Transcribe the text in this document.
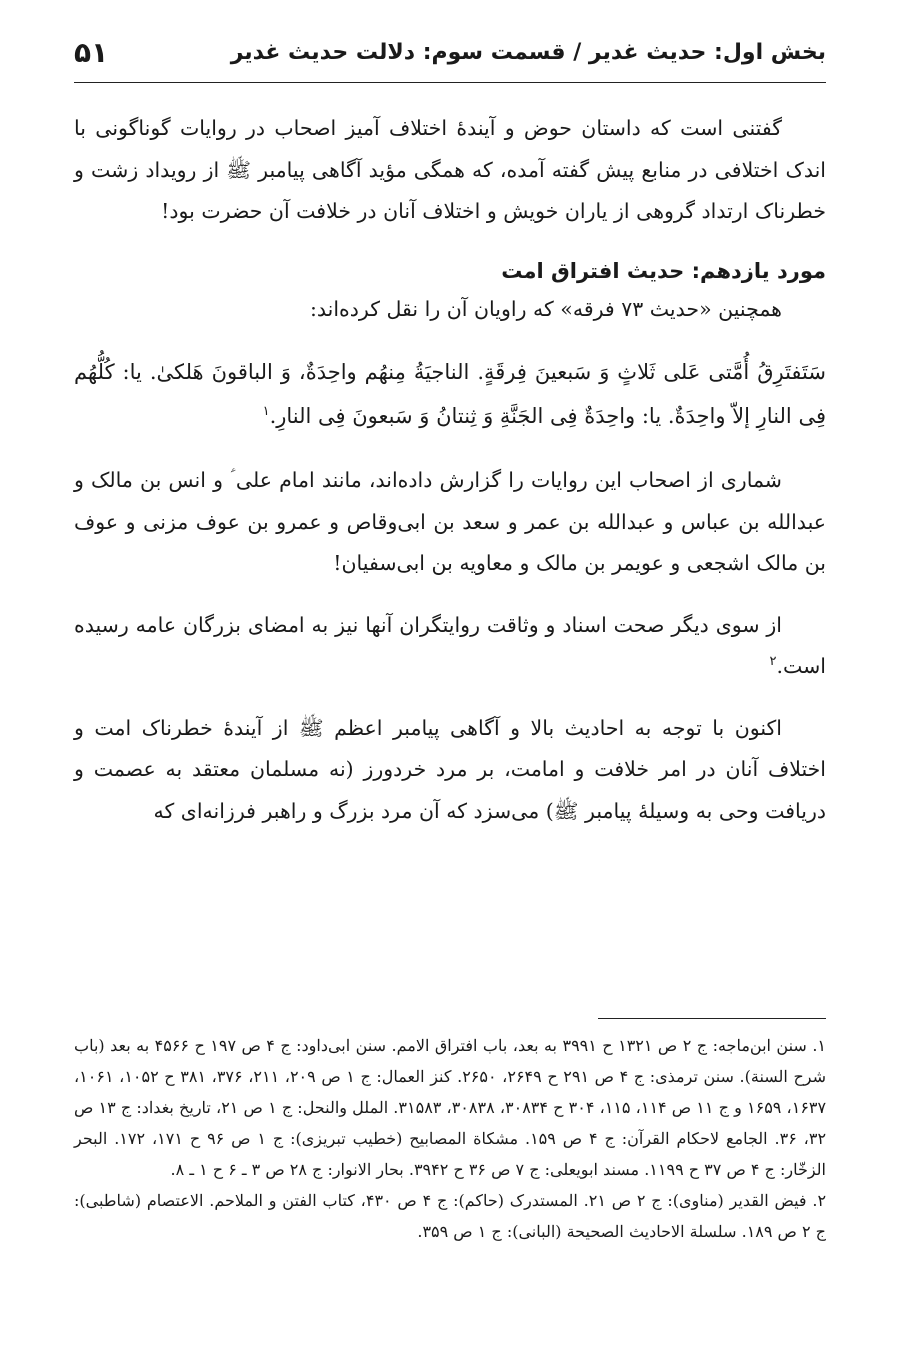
بخش اول: حدیث غدیر / قسمت سوم: دلالت حدیث غدیر
۵۱

گفتنی است که داستان حوض و آیندهٔ اختلاف آمیز اصحاب در روایات گوناگونی با اندک اختلافی در منابع پیش گفته آمده، که همگی مؤید آگاهی پیامبر ﷺ از رویداد زشت و خطرناک ارتداد گروهی از یاران خویش و اختلاف آنان در خلافت آن حضرت بود!

مورد یازدهم: حدیث افتراق امت

همچنین «حدیث ۷۳ فرقه» که راویان آن را نقل کرده‌اند:

سَتَفتَرِقُ أُمَّتی عَلی ثَلاثٍ وَ سَبعینَ فِرقَةٍ. الناجیَةُ مِنهُم واحِدَةٌ، وَ الباقونَ هَلکیٰ. یا: کُلُّهُم فِی النارِ إلاّ واحِدَةٌ. یا: واحِدَةٌ فِی الجَنَّةِ وَ ثِنتانُ وَ سَبعونَ فِی النارِ.$^۱$

شماری از اصحاب این روایات را گزارش داده‌اند، مانند امام علی ؑ و انس بن مالک و عبدالله بن عباس و عبدالله بن عمر و سعد بن ابی‌وقاص و عمرو بن عوف مزنی و عوف بن مالک اشجعی و عویمر بن مالک و معاویه بن ابی‌سفیان!

از سوی دیگر صحت اسناد و وثاقت روایتگران آنها نیز به امضای بزرگان عامه رسیده است.$^۲$

اکنون با توجه به احادیث بالا و آگاهی پیامبر اعظم ﷺ از آیندهٔ خطرناک امت و اختلاف آنان در امر خلافت و امامت، بر مرد خردورز (نه مسلمان معتقد به عصمت و دریافت وحی به وسیلهٔ پیامبر ﷺ) می‌سزد که آن مرد بزرگ و راهبر فرزانه‌ای که

۱. سنن ابن‌ماجه: ج ۲ ص ۱۳۲۱ ح ۳۹۹۱ به بعد، باب افتراق الامم. سنن ابی‌داود: ج ۴ ص ۱۹۷ ح ۴۵۶۶ به بعد (باب شرح السنة). سنن ترمذی: ج ۴ ص ۲۹۱ ح ۲۶۴۹، ۲۶۵۰. کنز العمال: ج ۱ ص ۲۰۹، ۲۱۱، ۳۷۶، ۳۸۱ ح ۱۰۵۲، ۱۰۶۱، ۱۶۳۷، ۱۶۵۹ و ج ۱۱ ص ۱۱۴، ۱۱۵، ۳۰۴ ح ۳۰۸۳۴، ۳۰۸۳۸، ۳۱۵۸۳. الملل والنحل: ج ۱ ص ۲۱، تاریخ بغداد: ج ۱۳ ص ۳۲، ۳۶. الجامع لاحکام القرآن: ج ۴ ص ۱۵۹. مشکاة المصابیح (خطیب تبریزی): ج ۱ ص ۹۶ ح ۱۷۱، ۱۷۲. البحر الزخّار: ج ۴ ص ۳۷ ح ۱۱۹۹. مسند ابویعلی: ج ۷ ص ۳۶ ح ۳۹۴۲. بحار الانوار: ج ۲۸ ص ۳ ـ ۶ ح ۱ ـ ۸.

۲. فیض القدیر (مناوی): ج ۲ ص ۲۱. المستدرک (حاکم): ج ۴ ص ۴۳۰، کتاب الفتن و الملاحم. الاعتصام (شاطبی): ج ۲ ص ۱۸۹. سلسلة الاحادیث الصحیحة (البانی): ج ۱ ص ۳۵۹.
